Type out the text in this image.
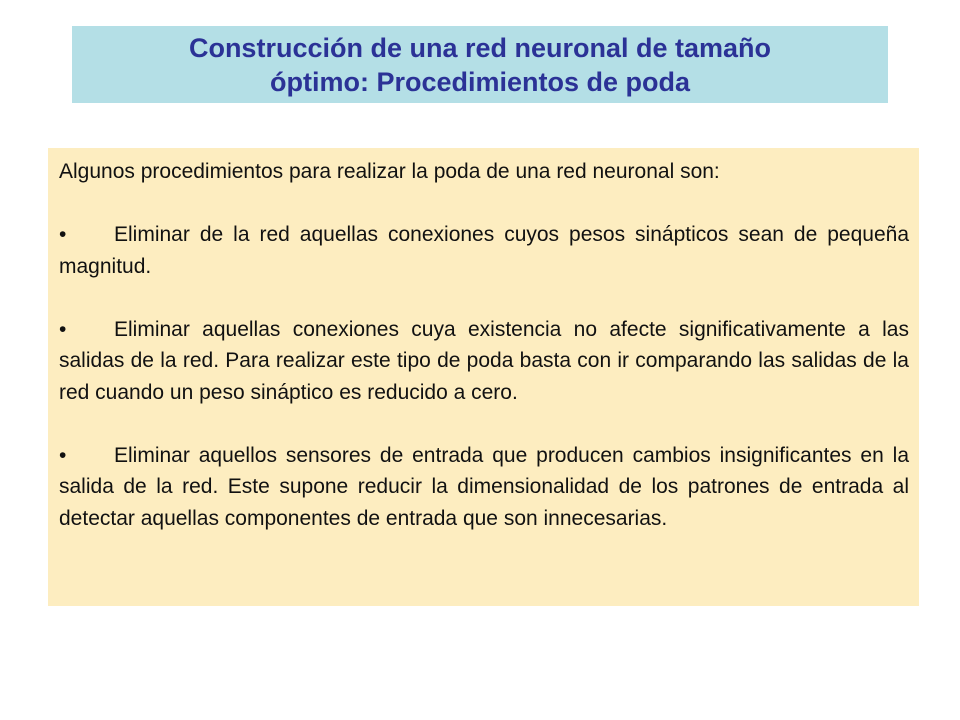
Construcción de una red neuronal de tamaño
óptimo: Procedimientos de poda

Algunos procedimientos para realizar la poda de una red neuronal son:

• Eliminar de la red aquellas conexiones cuyos pesos sinápticos sean de pequeña magnitud.

• Eliminar aquellas conexiones cuya existencia no afecte significativamente a las salidas de la red. Para realizar este tipo de poda basta con ir comparando las salidas de la red cuando un peso sináptico es reducido a cero.

• Eliminar aquellos sensores de entrada que producen cambios insignificantes en la salida de la red. Este supone reducir la dimensionalidad de los patrones de entrada al detectar aquellas componentes de entrada que son innecesarias.
